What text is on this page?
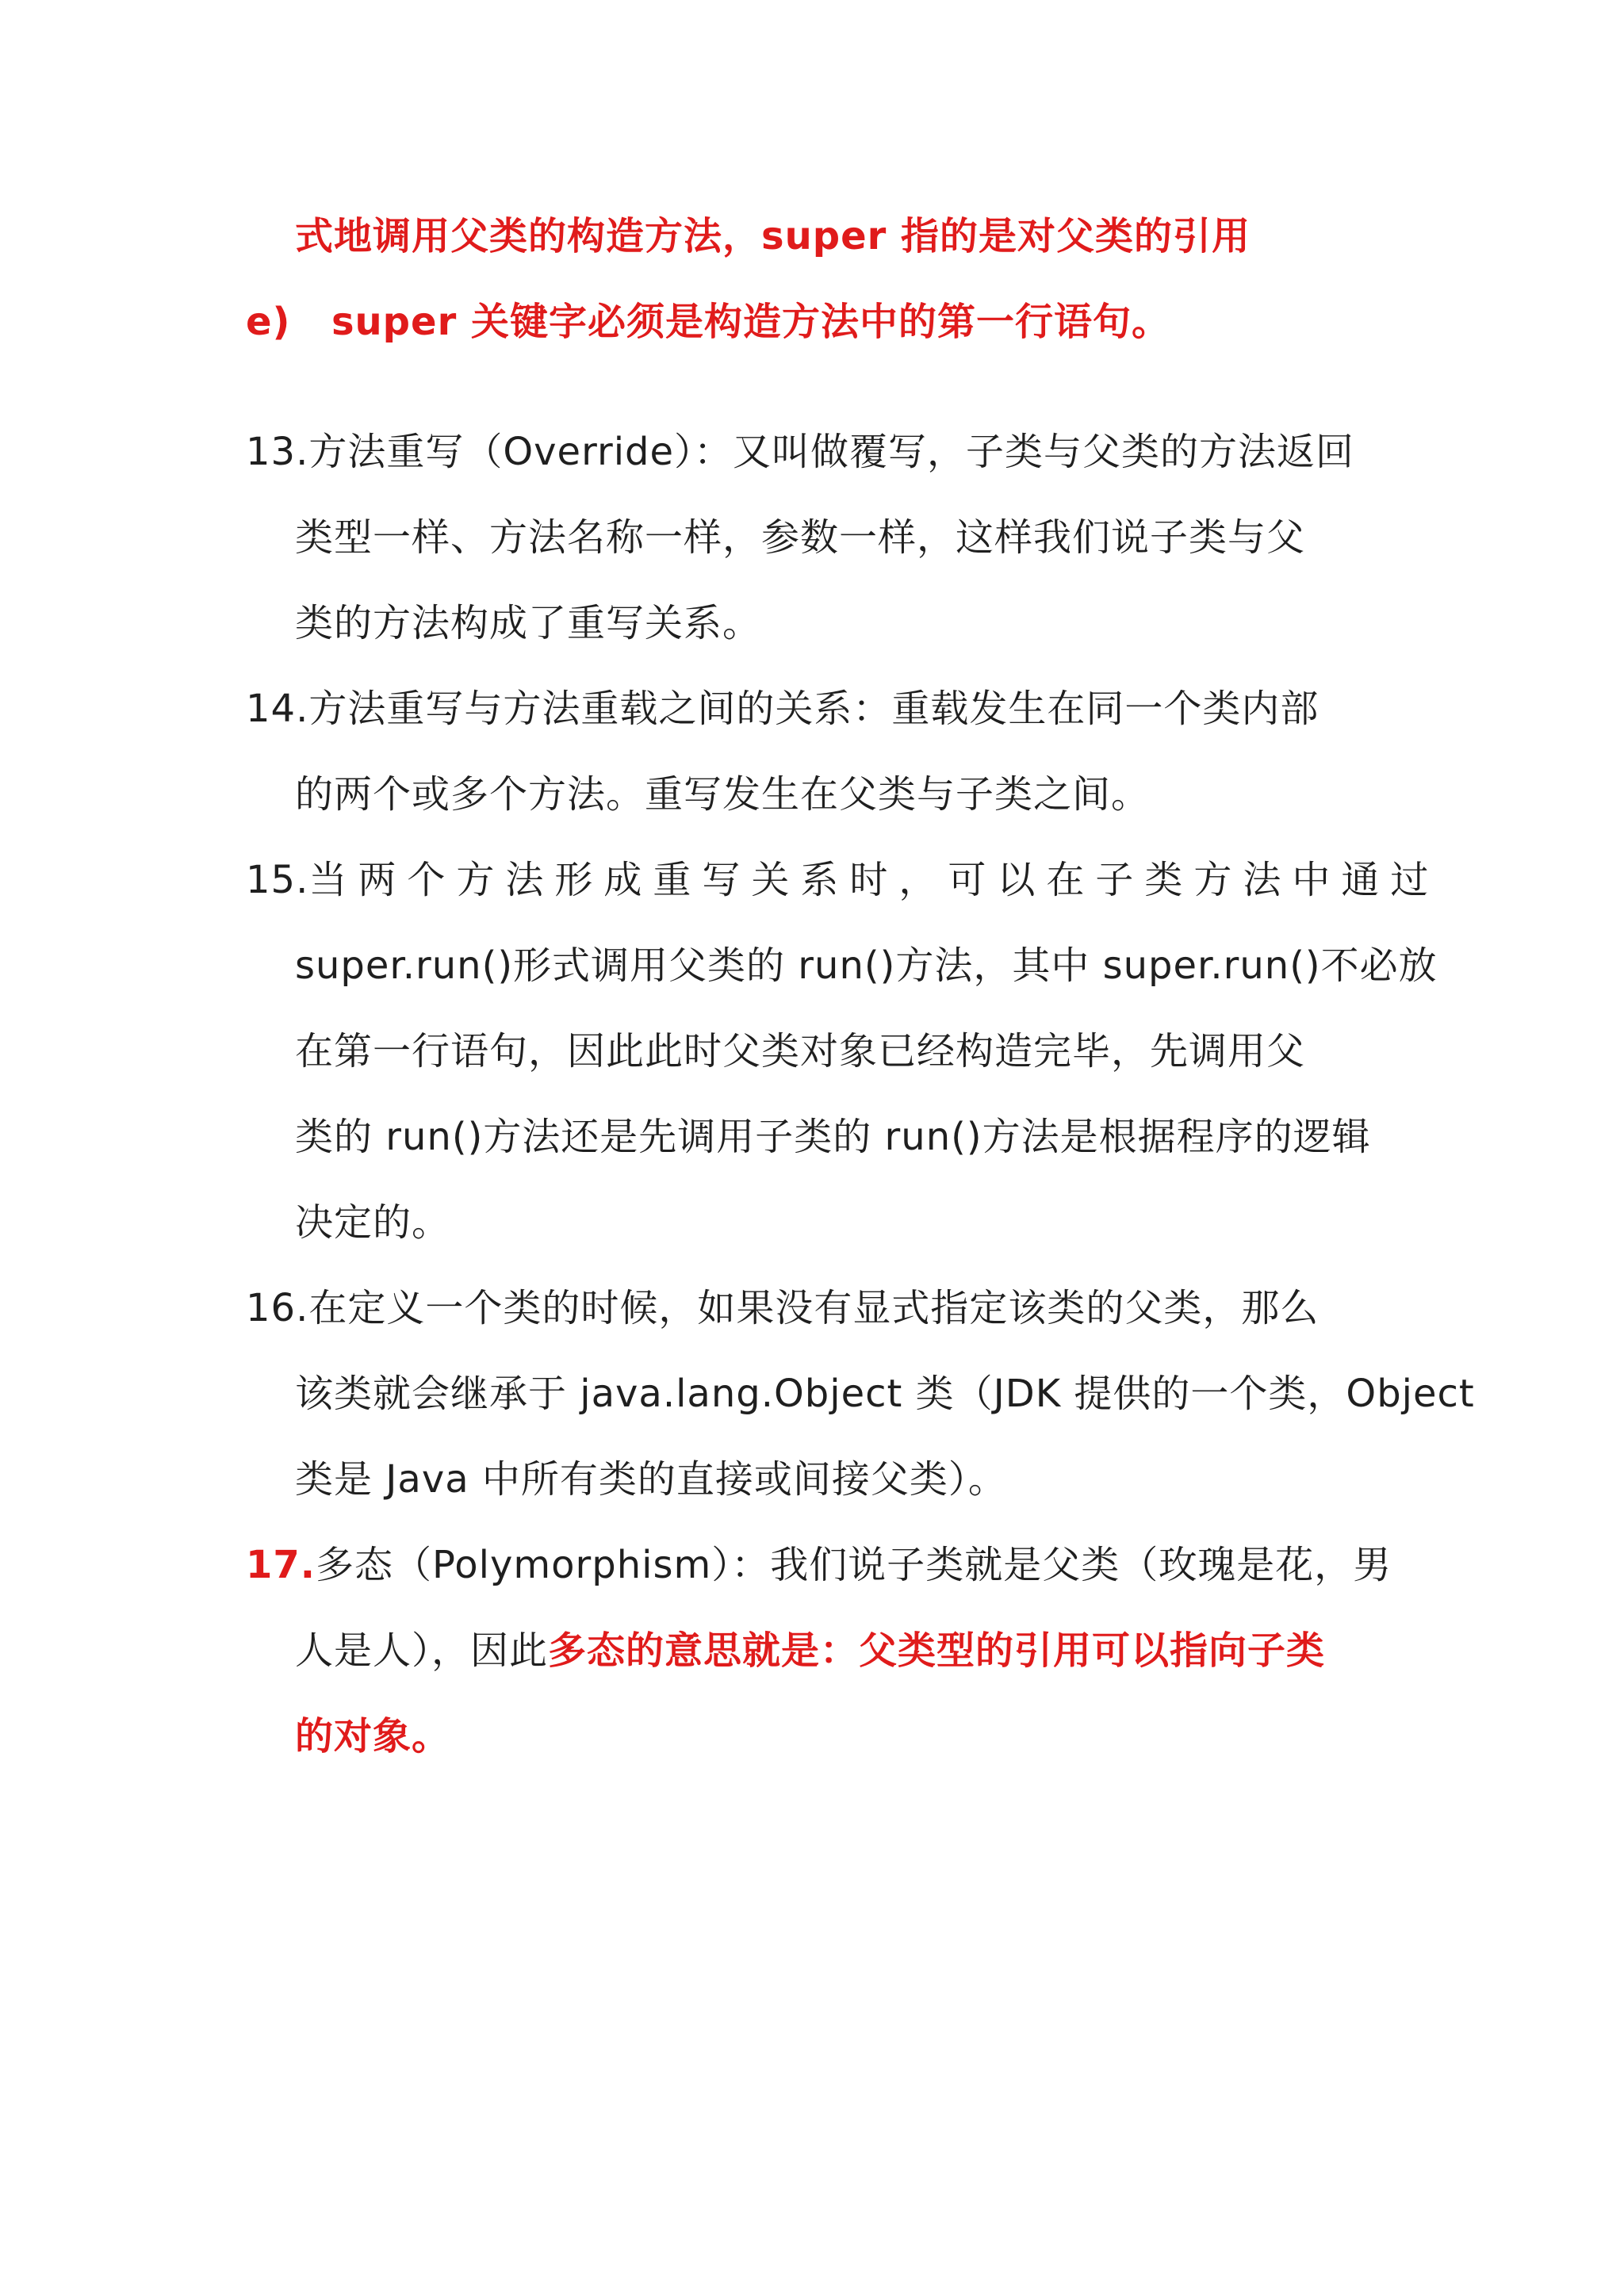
式地调用父类的构造方法，super 指的是对父类的引用
e) super 关键字必须是构造方法中的第一行语句。
13.方法重写（Override）：又叫做覆写，子类与父类的方法返回
类型一样、方法名称一样，参数一样，这样我们说子类与父
类的方法构成了重写关系。
14.方法重写与方法重载之间的关系：重载发生在同一个类内部
的两个或多个方法。重写发生在父类与子类之间。
15.当两个方法形成重写关系时，可以在子类方法中通过
super.run()形式调用父类的 run()方法，其中 super.run()不必放
在第一行语句，因此此时父类对象已经构造完毕，先调用父
类的 run()方法还是先调用子类的 run()方法是根据程序的逻辑
决定的。
16.在定义一个类的时候，如果没有显式指定该类的父类，那么
该类就会继承于 java.lang.Object 类（JDK 提供的一个类，Object
类是 Java 中所有类的直接或间接父类）。
17.多态（Polymorphism）：我们说子类就是父类（玫瑰是花，男
人是人），因此多态的意思就是：父类型的引用可以指向子类
的对象。
